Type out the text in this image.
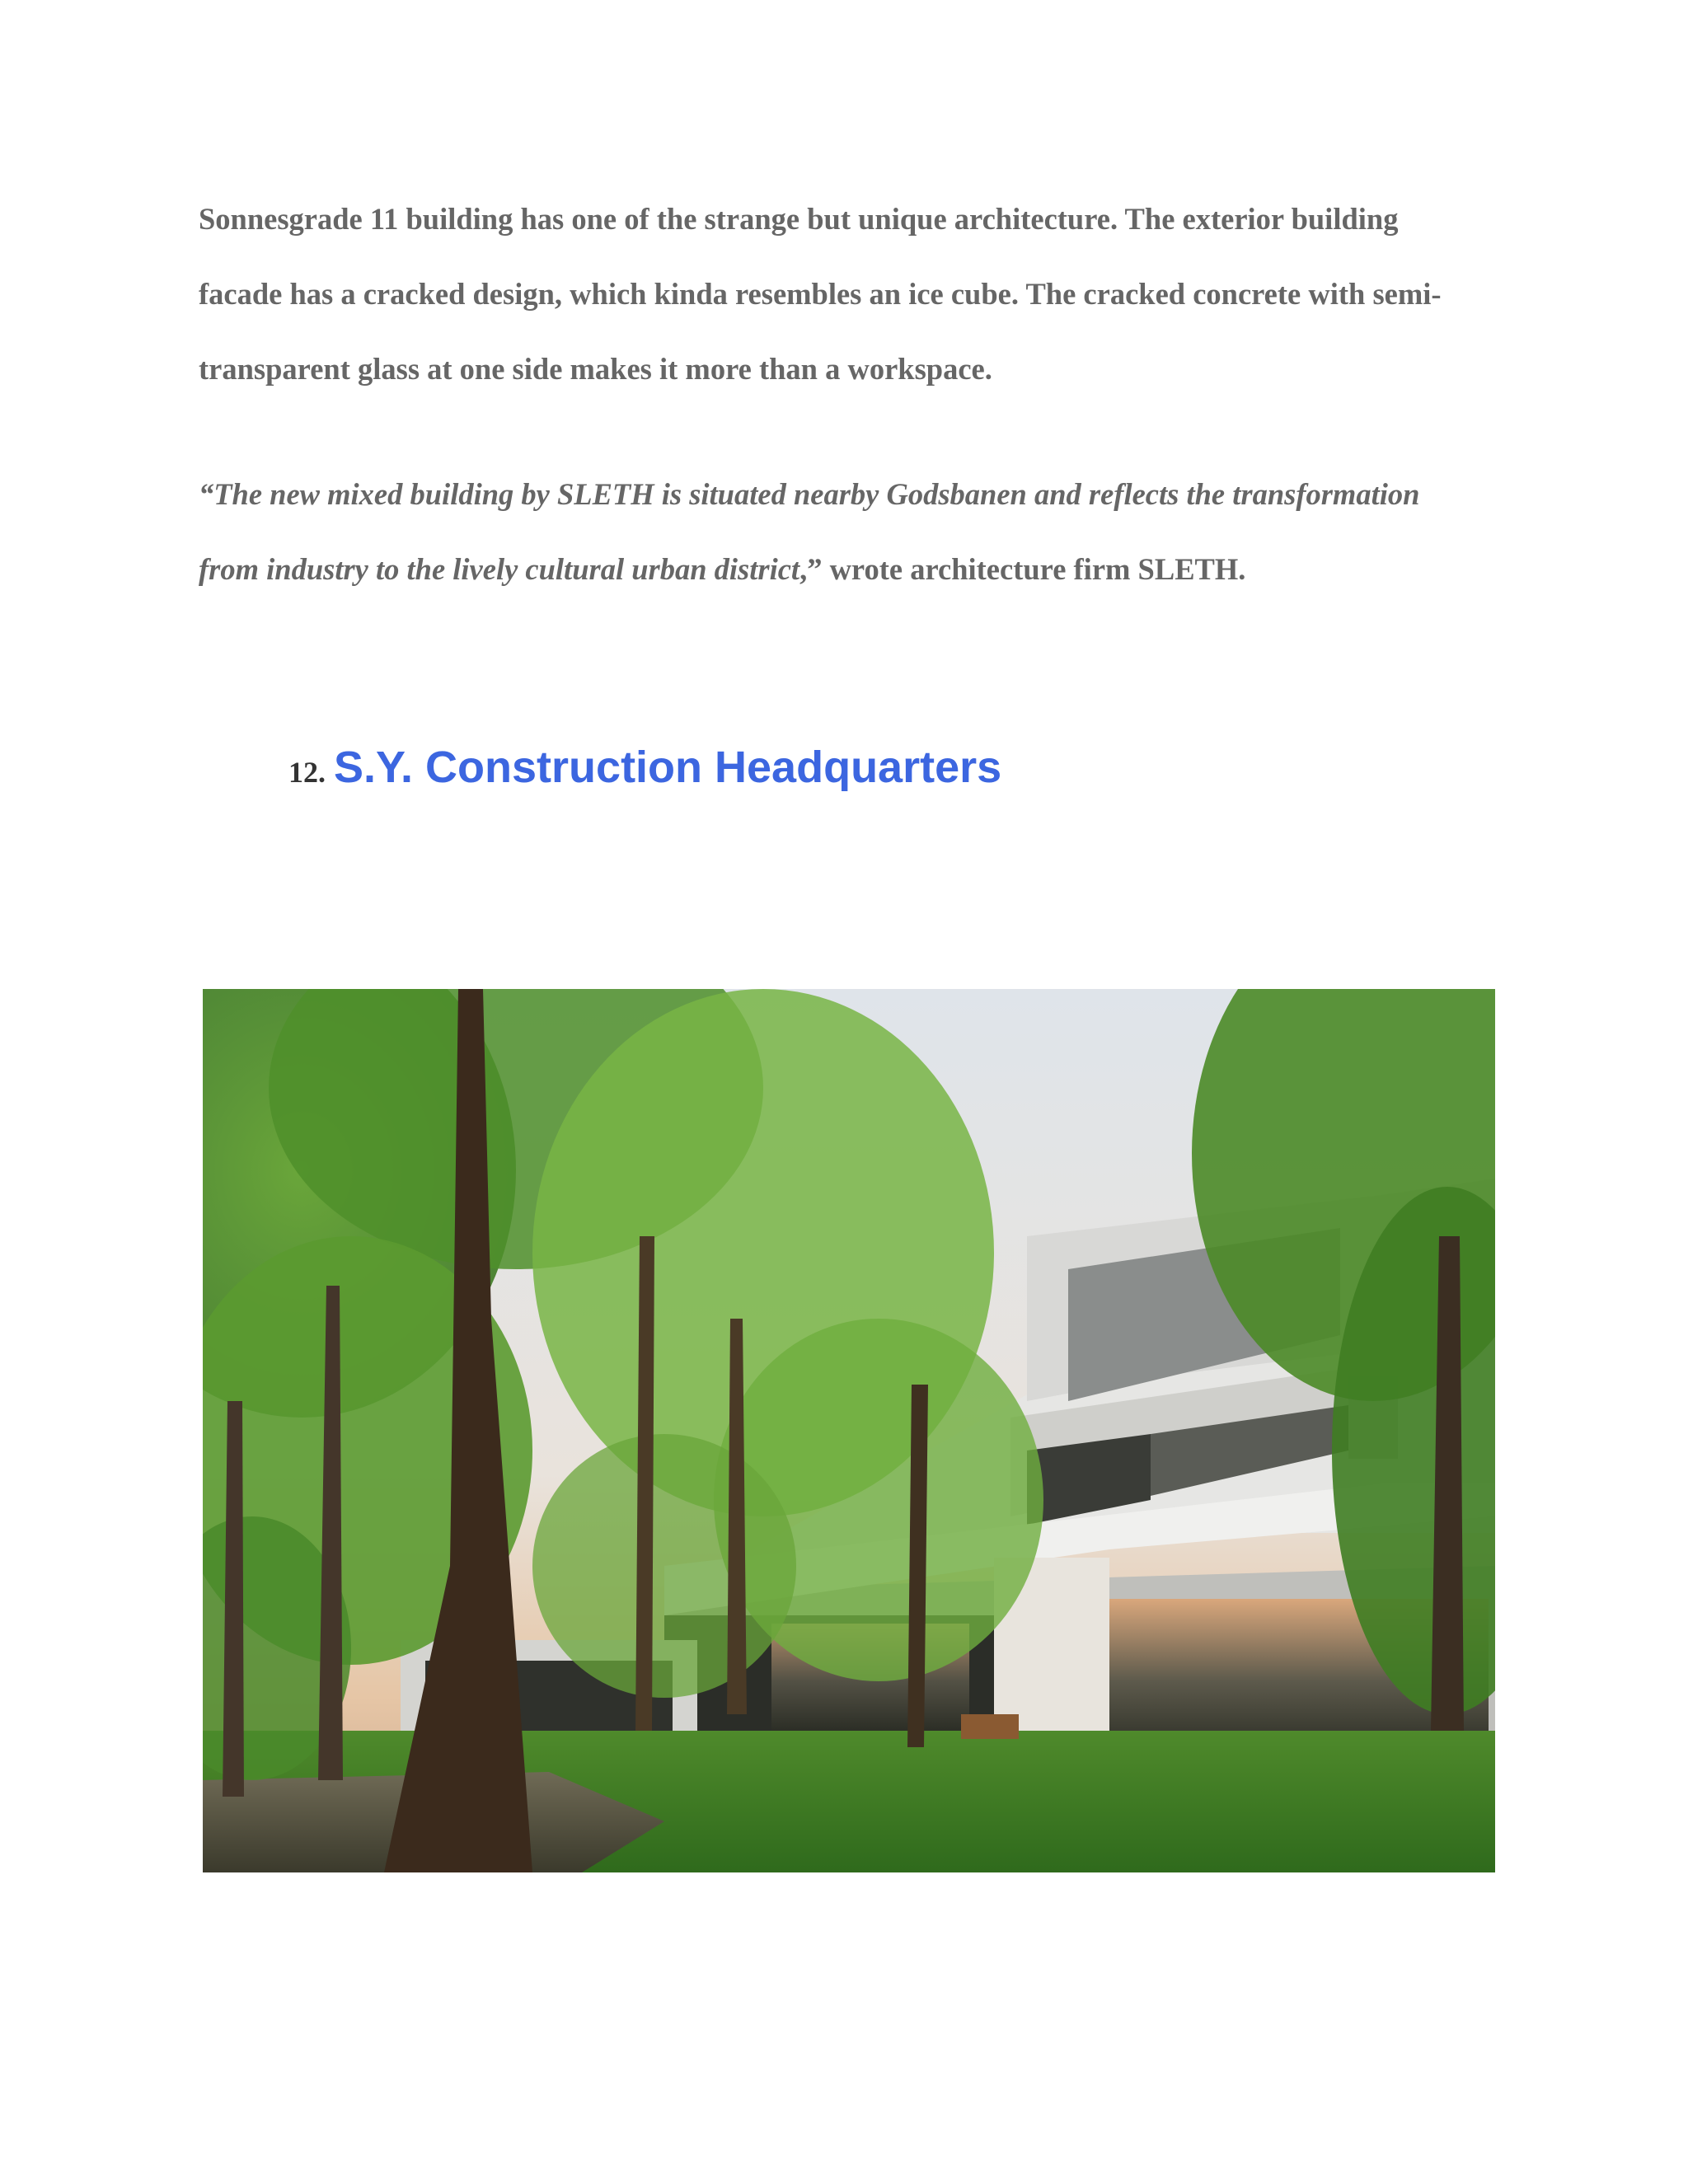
Sonnesgrade 11 building has one of the strange but unique architecture. The exterior building facade has a cracked design, which kinda resembles an ice cube. The cracked concrete with semi-transparent glass at one side makes it more than a workspace.

“The new mixed building by SLETH is situated nearby Godsbanen and reflects the transformation from industry to the lively cultural urban district,” wrote architecture firm SLETH.

12. S.Y. Construction Headquarters
